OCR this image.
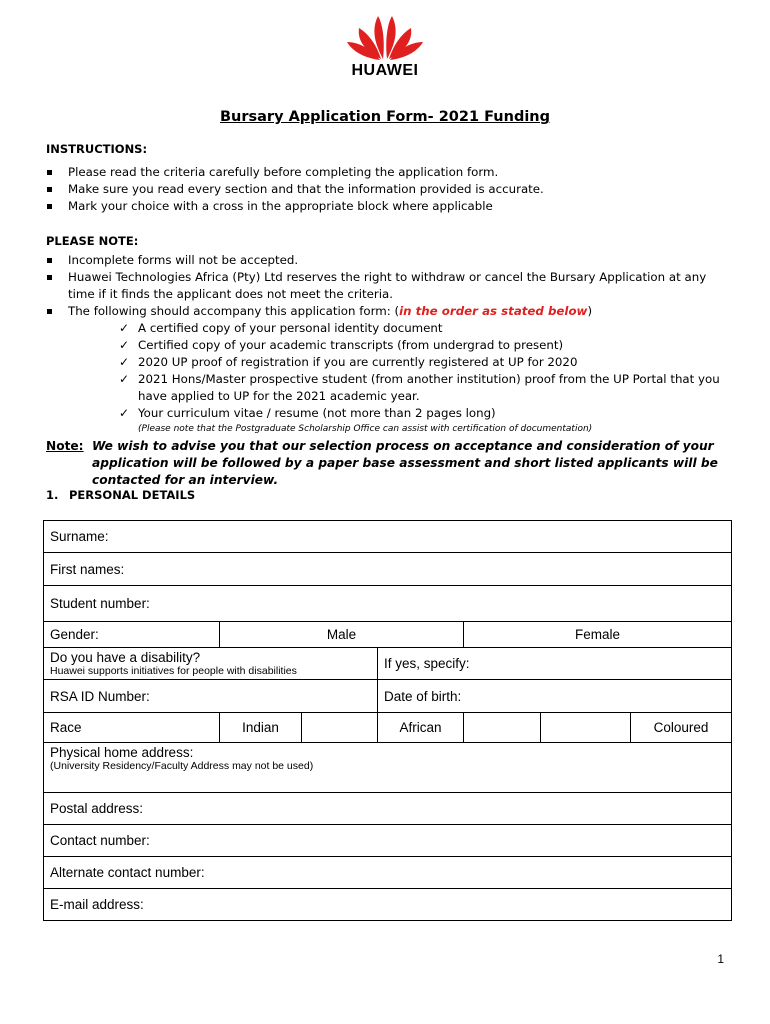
HUAWEI
Bursary Application Form- 2021 Funding
INSTRUCTIONS:
Please read the criteria carefully before completing the application form.
Make sure you read every section and that the information provided is accurate.
Mark your choice with a cross in the appropriate block where applicable
PLEASE NOTE:
Incomplete forms will not be accepted.
Huawei Technologies Africa (Pty) Ltd reserves the right to withdraw or cancel the Bursary Application at any time if it finds the applicant does not meet the criteria.
The following should accompany this application form: (in the order as stated below)
✓ A certified copy of your personal identity document
✓ Certified copy of your academic transcripts (from undergrad to present)
✓ 2020 UP proof of registration if you are currently registered at UP for 2020
✓ 2021 Hons/Master prospective student (from another institution) proof from the UP Portal that you have applied to UP for the 2021 academic year.
✓ Your curriculum vitae / resume (not more than 2 pages long)
(Please note that the Postgraduate Scholarship Office can assist with certification of documentation)
Note: We wish to advise you that our selection process on acceptance and consideration of your application will be followed by a paper base assessment and short listed applicants will be contacted for an interview.
1. PERSONAL DETAILS
Surname:						
First names:						
Student number:						
Gender:	Male			Female		
Do you have a disability?
Huawei supports initiatives for people with disabilities			If yes, specify:			
RSA ID Number:			Date of birth:			
Race	Indian		African			Coloured
Physical home address:
(University Residency/Faculty Address may not be used)						

Postal address:						
Contact number:						
Alternate contact number:						
E-mail address:						
1
